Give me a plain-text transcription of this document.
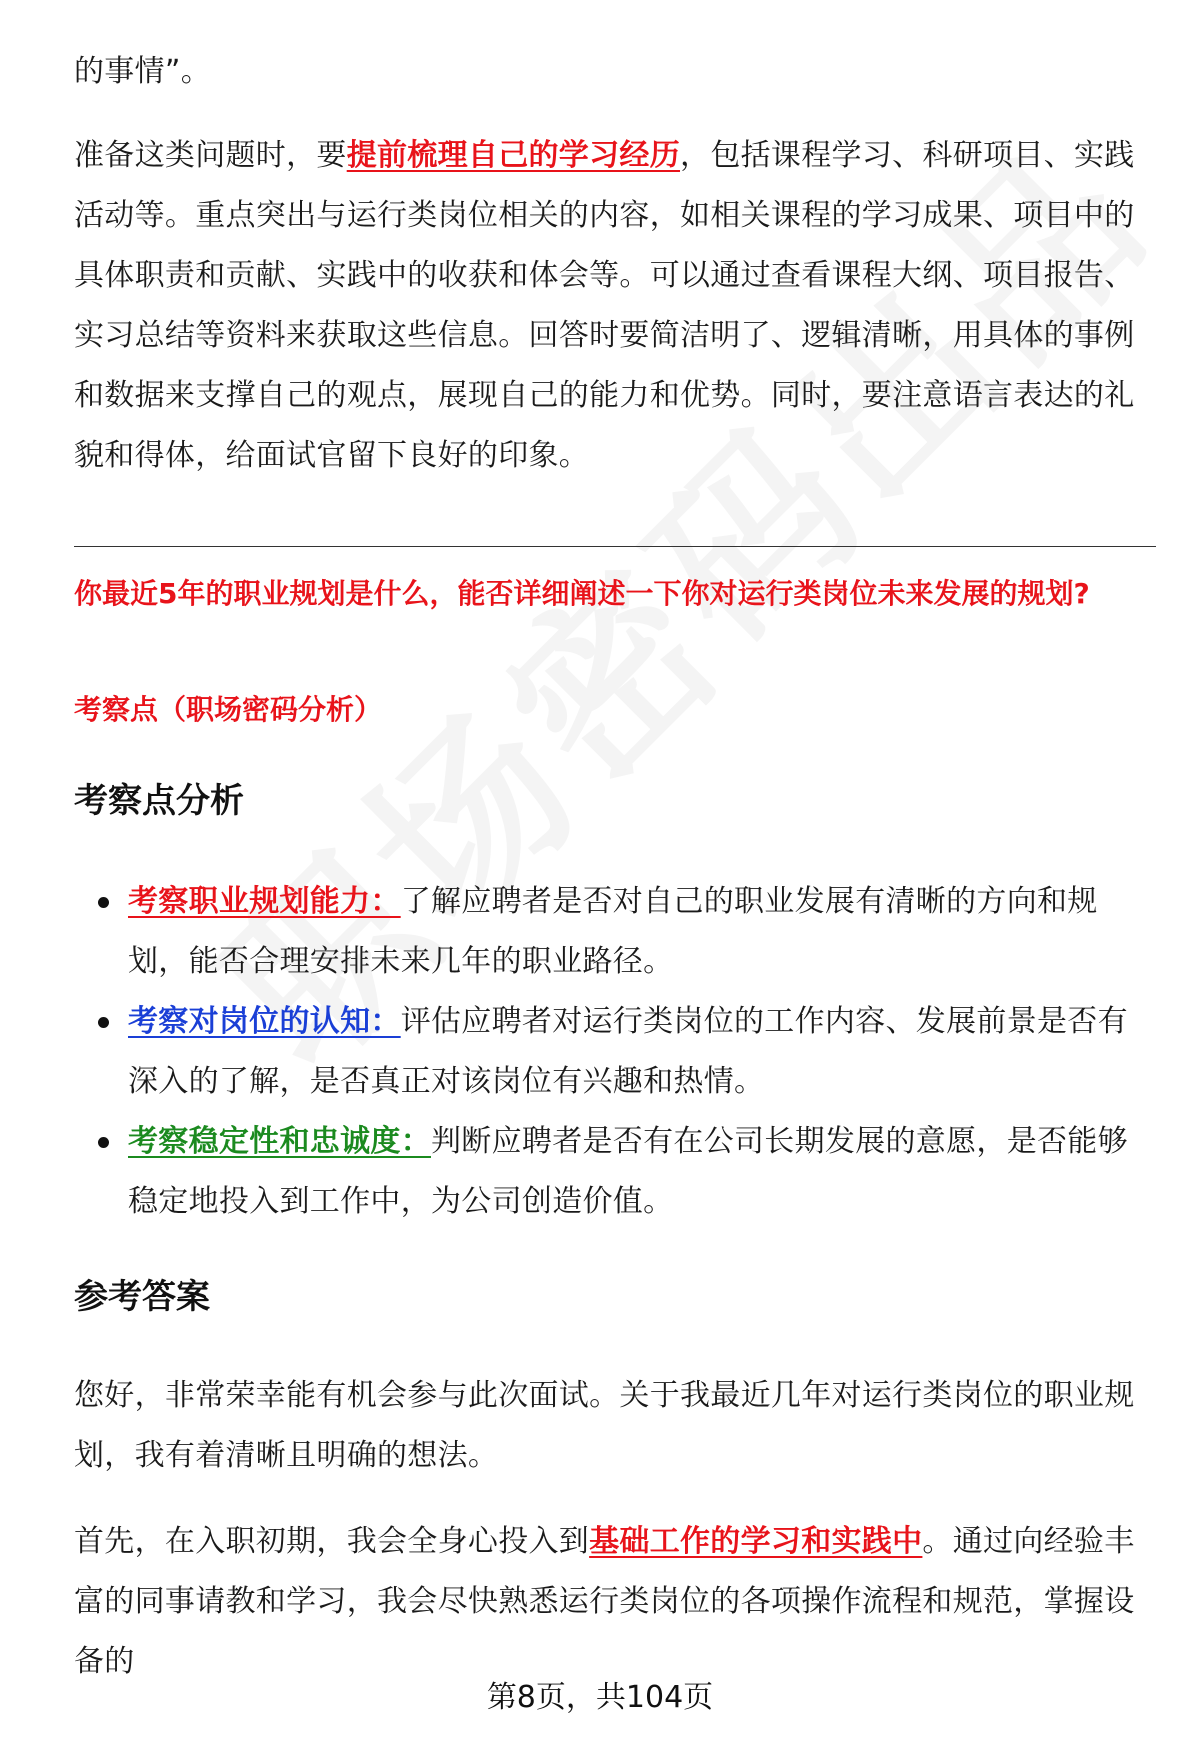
的事情”。

准备这类问题时，要提前梳理自己的学习经历，包括课程学习、科研项目、实践活动等。重点突出与运行类岗位相关的内容，如相关课程的学习成果、项目中的具体职责和贡献、实践中的收获和体会等。可以通过查看课程大纲、项目报告、实习总结等资料来获取这些信息。回答时要简洁明了、逻辑清晰，用具体的事例和数据来支撑自己的观点，展现自己的能力和优势。同时，要注意语言表达的礼貌和得体，给面试官留下良好的印象。

你最近5年的职业规划是什么，能否详细阐述一下你对运行类岗位未来发展的规划?

考察点（职场密码分析）

考察点分析

考察职业规划能力：了解应聘者是否对自己的职业发展有清晰的方向和规划，能否合理安排未来几年的职业路径。
考察对岗位的认知：评估应聘者对运行类岗位的工作内容、发展前景是否有深入的了解，是否真正对该岗位有兴趣和热情。
考察稳定性和忠诚度：判断应聘者是否有在公司长期发展的意愿，是否能够稳定地投入到工作中，为公司创造价值。

参考答案

您好，非常荣幸能有机会参与此次面试。关于我最近几年对运行类岗位的职业规划，我有着清晰且明确的想法。

首先，在入职初期，我会全身心投入到基础工作的学习和实践中。通过向经验丰富的同事请教和学习，我会尽快熟悉运行类岗位的各项操作流程和规范，掌握设备的

第8页，共104页
